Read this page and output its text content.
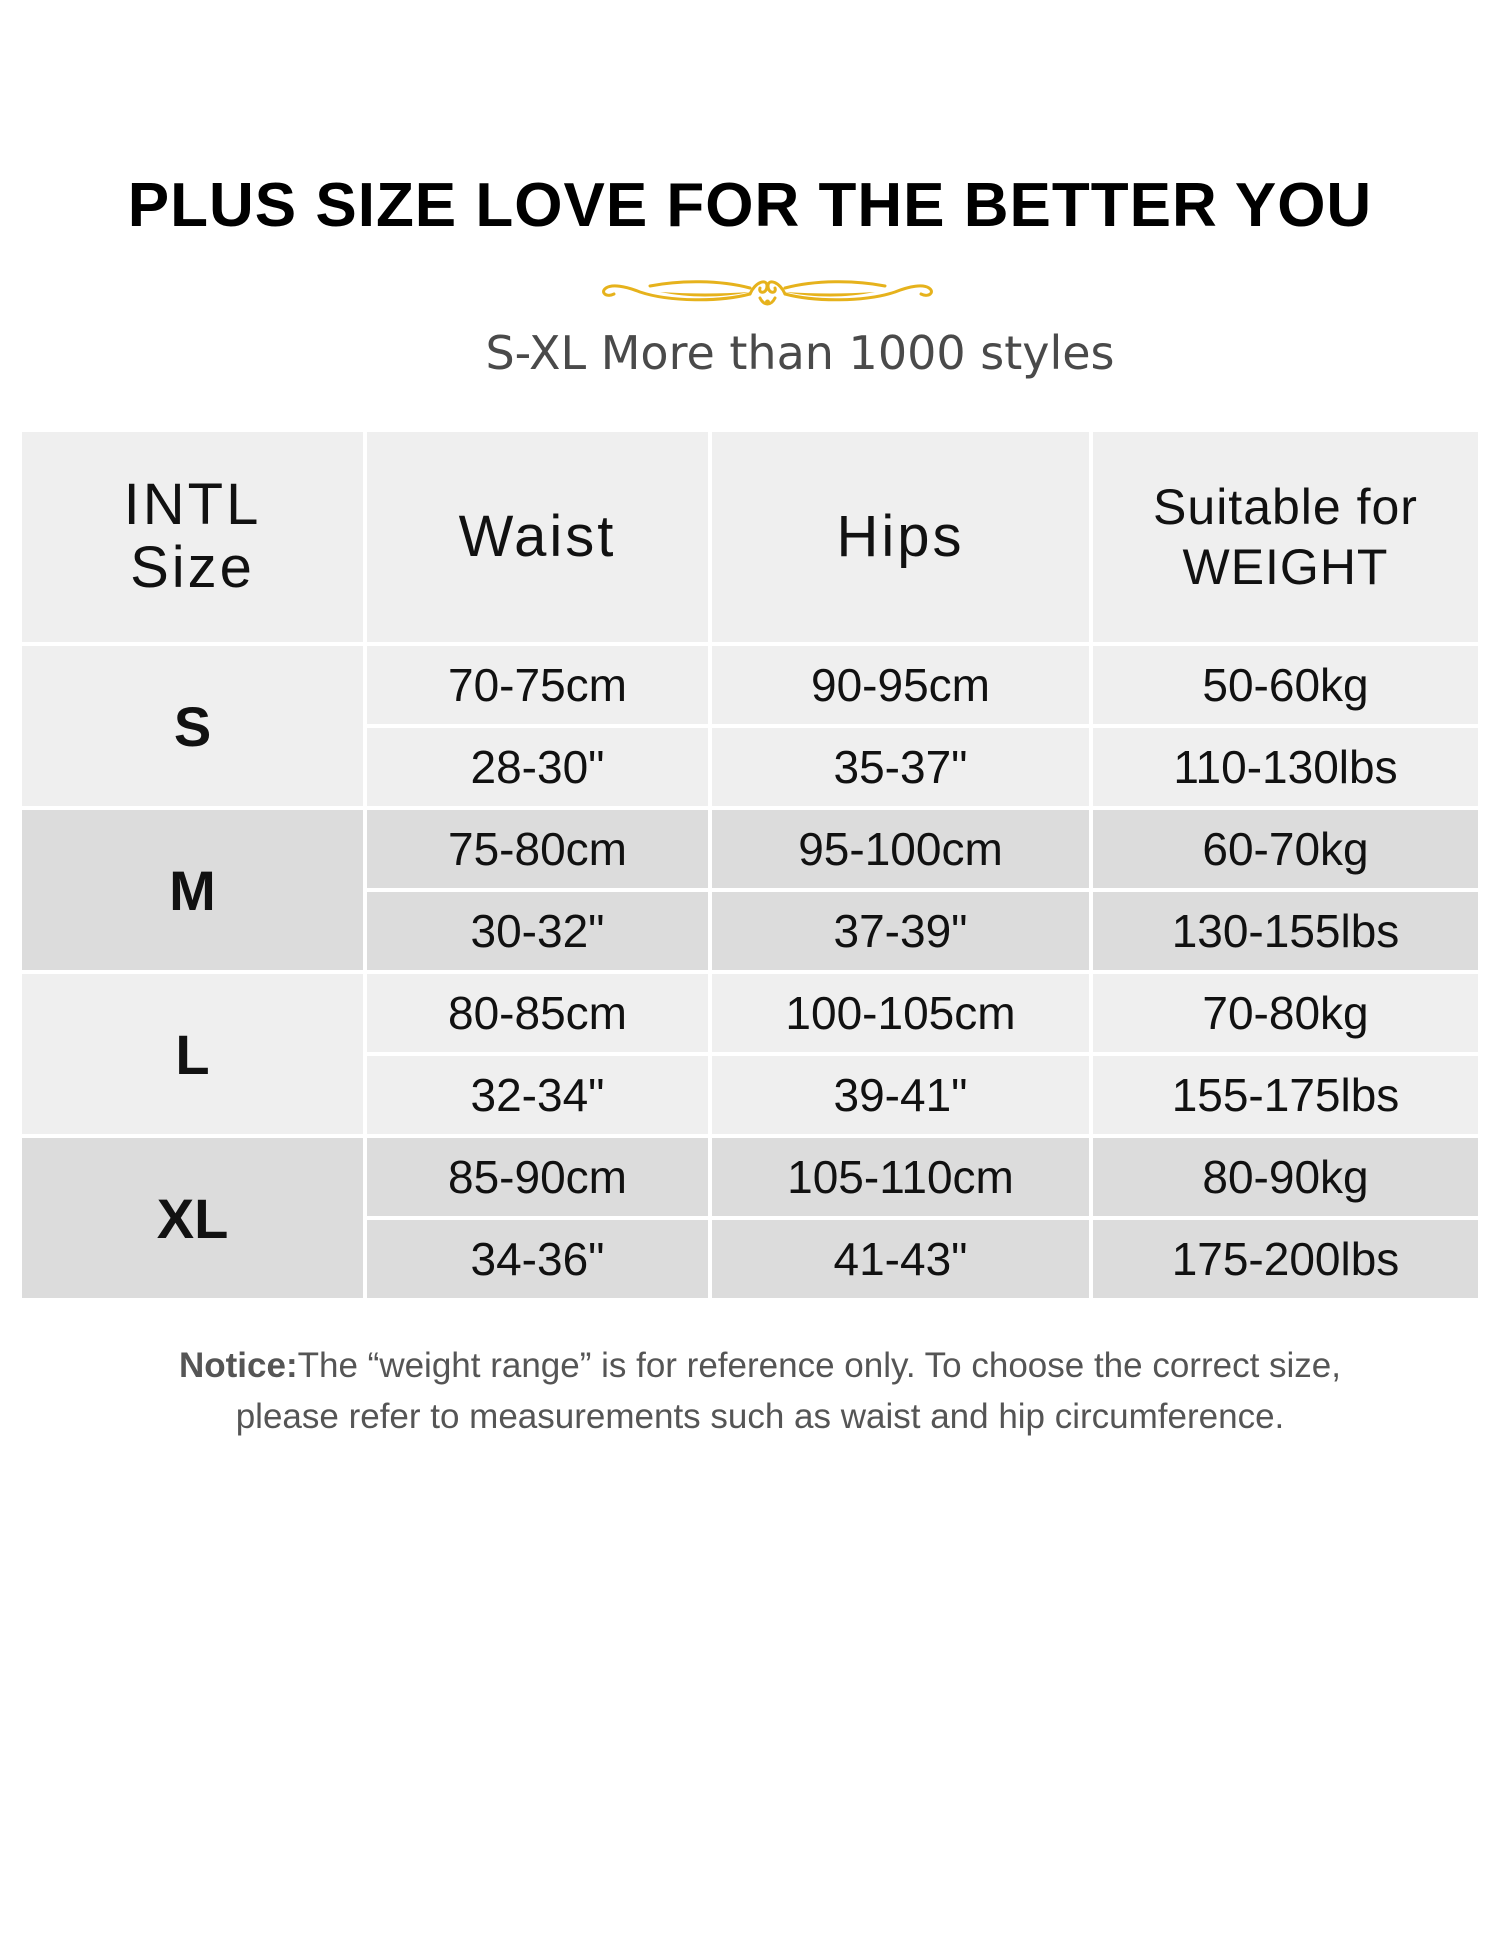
PLUS SIZE LOVE FOR THE BETTER YOU
S-XL More than 1000 styles
INTL
Size	Waist	Hips	Suitable for
WEIGHT
S
70-75cm	90-95cm	50-60kg
28-30"	35-37"	110-130lbs
M
75-80cm	95-100cm	60-70kg
30-32"	37-39"	130-155lbs
L
80-85cm	100-105cm	70-80kg
32-34"	39-41"	155-175lbs
XL
85-90cm	105-110cm	80-90kg
34-36"	41-43"	175-200lbs
Notice:The “weight range” is for reference only. To choose the correct size,
please refer to measurements such as waist and hip circumference.
